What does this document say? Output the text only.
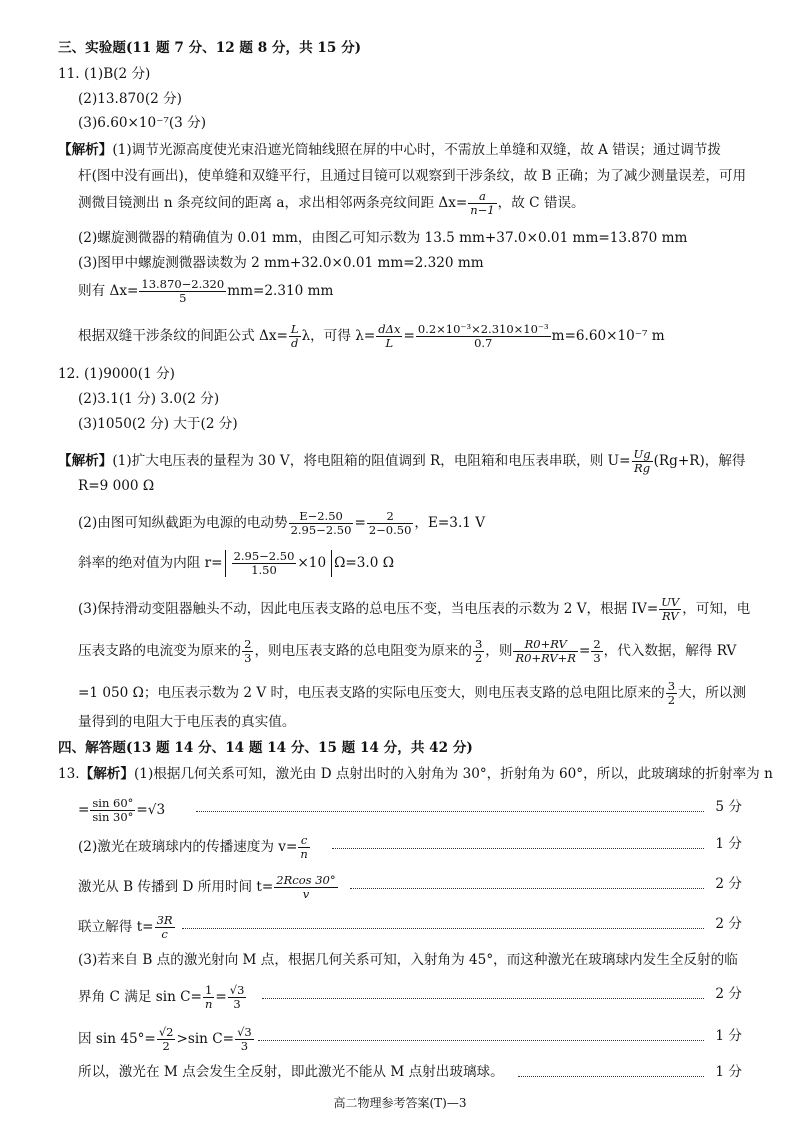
三、实验题(11 题 7 分、12 题 8 分，共 15 分)
11. (1)B(2 分)
(2)13.870(2 分)
(3)6.60×10⁻⁷(3 分)
【解析】(1)调节光源高度使光束沿遮光筒轴线照在屏的中心时，不需放上单缝和双缝，故 A 错误；通过调节拨
杆(图中没有画出)，使单缝和双缝平行，且通过目镜可以观察到干涉条纹，故 B 正确；为了减少测量误差，可用
测微目镜测出 n 条亮纹间的距离 a，求出相邻两条亮纹间距 $\Delta x= \frac{a}{n-1}$ ，故 C 错误。
(2)螺旋测微器的精确值为 0.01 mm，由图乙可知示数为 13.5 mm+37.0×0.01 mm=13.870 mm
(3)图甲中螺旋测微器读数为 2 mm+32.0×0.01 mm=2.320 mm
则有 $\Delta x= \frac{13.870-2.320}{5} mm=2.310$ mm
根据双缝干涉条纹的间距公式 $\Delta x= \frac{L}{d}$ λ，可得 λ= dΔx
$L = \frac{\text{0.2×10⁻³×2.310×10⁻³}}{0.7} m=6.60\times 10^{-7}$ m
12. (1)9000(1 分)
(2)3.1(1 分) 3.0(2 分)
(3)1050(2 分) 大于(2 分)
【解析】(1)扩大电压表的量程为 30 V，将电阻箱的阻值调到 R，电阻箱和电压表串联，则 $U= \frac{Ug}{Rg} (Rg+R)$，解得
R=9 000 Ω
(2)由图可知纵截距为电源的电动势 $\frac{E-2.50}{2.95-2.50} = \frac{2}{2-0.50}$ ，E=3.1 V
斜率的绝对值为内阻 $r= \frac{2.95-2.50}{1.50} \times 10$ Ω=3.0 Ω
(3)保持滑动变阻器触头不动，因此电压表支路的总电压不变，当电压表的示数为 2 V，根据 $IV= \frac{UV}{RV}$ ，可知，电
压表支路的电流变为原来的 $\frac{2}{3}$ ，则电压表支路的总电阻变为原来的 $\frac{3}{2}$ ，则 $\frac{R0+RV}{R0+RV+R} = \frac{2}{3}$ ，代入数据，解得 RV
=1 050 Ω；电压表示数为 2 V 时，电压表支路的实际电压变大，则电压表支路的总电阻比原来的 $\frac{3}{2}$ 大，所以测
量得到的电阻大于电压表的真实值。
四、解答题(13 题 14 分、14 题 14 分、15 题 14 分，共 42 分)
13.【解析】(1)根据几何关系可知，激光由 D 点射出时的入射角为 30°，折射角为 60°，所以，此玻璃球的折射率为 n
= $\frac{\sin 60^\circ}{\sin 30^\circ} =√3$	5 分
(2)激光在玻璃球内的传播速度为 $v= \frac{c}{n}$	1 分
激光从 B 传播到 D 所用时间 $t= \frac{2Rcos 30^\circ}{v}$	2 分
联立解得 $t= \frac{3R}{c}$	2 分
(3)若来自 B 点的激光射向 M 点，根据几何关系可知，入射角为 45°，而这种激光在玻璃球内发生全反射的临
界角 C 满足 $\sin C= \frac{1}{n} = \frac{√3}{3}$	2 分
因 $\sin 45^\circ= \frac{√2}{2} >\sin$ $C= \frac{√3}{3}$	1 分
所以，激光在 M 点会发生全反射，即此激光不能从 M 点射出玻璃球。	1 分
高二物理参考答案(T)—3
